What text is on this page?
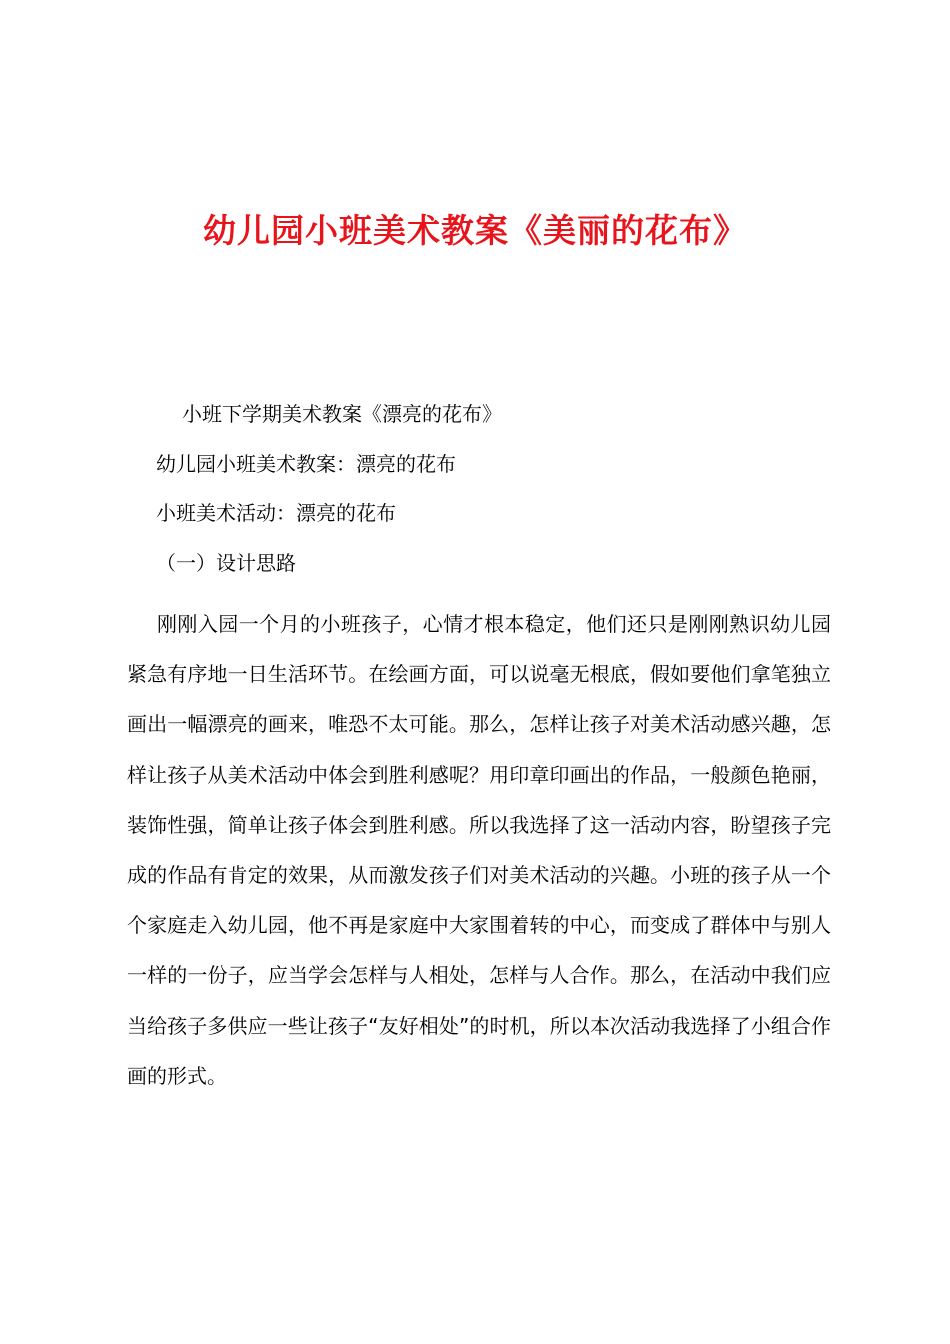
幼儿园小班美术教案《美丽的花布》

小班下学期美术教案《漂亮的花布》

幼儿园小班美术教案：漂亮的花布

小班美术活动：漂亮的花布

（一）设计思路

刚刚入园一个月的小班孩子，心情才根本稳定，他们还只是刚刚熟识幼儿园紧急有序地一日生活环节。在绘画方面，可以说毫无根底，假如要他们拿笔独立画出一幅漂亮的画来，唯恐不太可能。那么，怎样让孩子对美术活动感兴趣，怎样让孩子从美术活动中体会到胜利感呢？用印章印画出的作品，一般颜色艳丽，装饰性强，简单让孩子体会到胜利感。所以我选择了这一活动内容，盼望孩子完成的作品有肯定的效果，从而激发孩子们对美术活动的兴趣。小班的孩子从一个个家庭走入幼儿园，他不再是家庭中大家围着转的中心，而变成了群体中与别人一样的一份子，应当学会怎样与人相处，怎样与人合作。那么，在活动中我们应当给孩子多供应一些让孩子“友好相处”的时机，所以本次活动我选择了小组合作画的形式。
